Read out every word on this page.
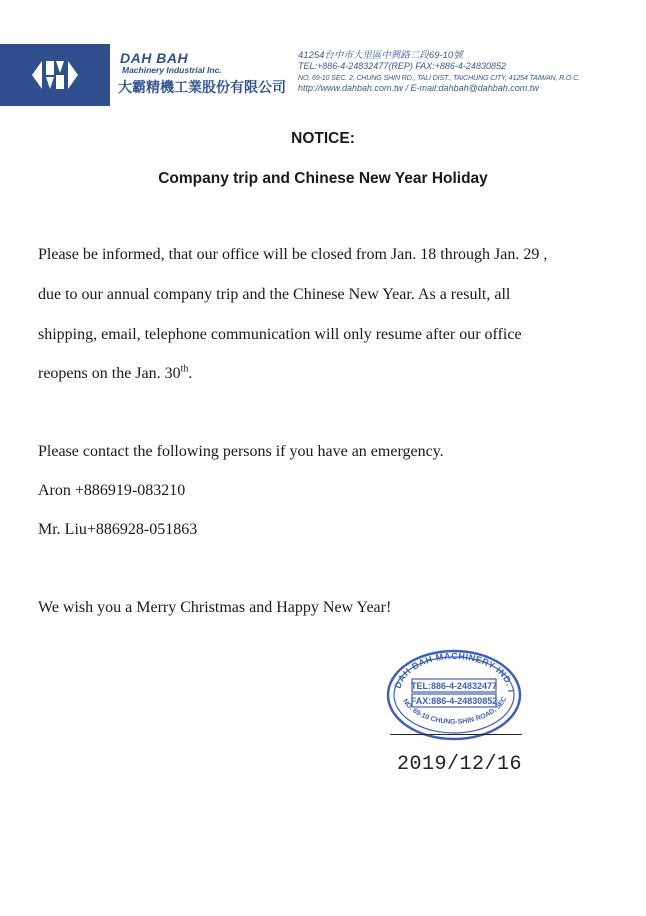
DAH BAH
Machinery Industrial Inc.
大霸精機工業股份有限公司
41254台中市大里區中興路二段69-10號
TEL:+886-4-24832477(REP) FAX:+886-4-24830852
NO. 69-10 SEC. 2, CHUNG SHIN RD., TALI DIST., TAICHUNG CITY, 41254 TAIWAN, R.O.C.
http://www.dahbah.com.tw / E-mail:dahbah@dahbah.com.tw
NOTICE:
Company trip and Chinese New Year Holiday
Please be informed, that our office will be closed from Jan. 18 through Jan. 29 ,
due to our annual company trip and the Chinese New Year. As a result, all
shipping, email, telephone communication will only resume after our office
reopens on the Jan. 30th.
Please contact the following persons if you have an emergency.
Aron +886919-083210
Mr. Liu+886928-051863
We wish you a Merry Christmas and Happy New Year!
DAH BAH MACHINERY IND. I
NO. 69-10 CHUNG-SHIN ROAD, SEC
TEL:886-4-24832477
FAX:886-4-24830852
2019/12/16
